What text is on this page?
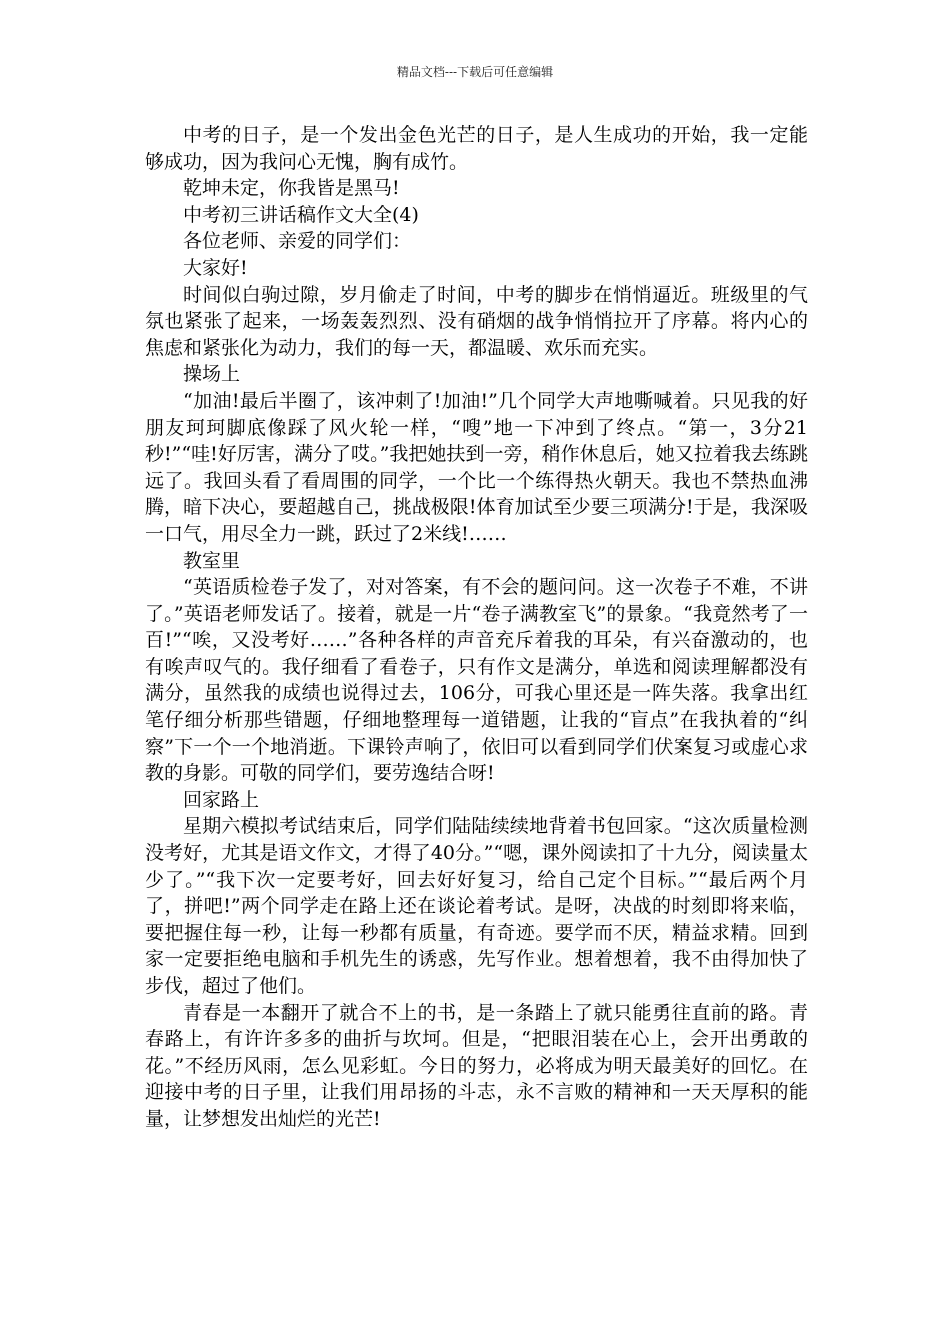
精品文档---下载后可任意编辑

中考的日子，是一个发出金色光芒的日子，是人生成功的开始，我一定能够成功，因为我问心无愧，胸有成竹。

乾坤未定，你我皆是黑马!

中考初三讲话稿作文大全(4)

各位老师、亲爱的同学们：

大家好!

时间似白驹过隙，岁月偷走了时间，中考的脚步在悄悄逼近。班级里的气氛也紧张了起来，一场轰轰烈烈、没有硝烟的战争悄悄拉开了序幕。将内心的焦虑和紧张化为动力，我们的每一天，都温暖、欢乐而充实。

操场上

“加油!最后半圈了，该冲刺了!加油!”几个同学大声地嘶喊着。只见我的好朋友珂珂脚底像踩了风火轮一样，“嗖”地一下冲到了终点。“第一，3分21秒!”“哇!好厉害，满分了哎。”我把她扶到一旁，稍作休息后，她又拉着我去练跳远了。我回头看了看周围的同学，一个比一个练得热火朝天。我也不禁热血沸腾，暗下决心，要超越自己，挑战极限!体育加试至少要三项满分!于是，我深吸一口气，用尽全力一跳，跃过了2米线!……

教室里

“英语质检卷子发了，对对答案，有不会的题问问。这一次卷子不难，不讲了。”英语老师发话了。接着，就是一片“卷子满教室飞”的景象。“我竟然考了一百!”“唉，又没考好……”各种各样的声音充斥着我的耳朵，有兴奋激动的，也有唉声叹气的。我仔细看了看卷子，只有作文是满分，单选和阅读理解都没有满分，虽然我的成绩也说得过去，106分，可我心里还是一阵失落。我拿出红笔仔细分析那些错题，仔细地整理每一道错题，让我的“盲点”在我执着的“纠察”下一个一个地消逝。下课铃声响了，依旧可以看到同学们伏案复习或虚心求教的身影。可敬的同学们，要劳逸结合呀!

回家路上

星期六模拟考试结束后，同学们陆陆续续地背着书包回家。“这次质量检测没考好，尤其是语文作文，才得了40分。”“嗯，课外阅读扣了十九分，阅读量太少了。”“我下次一定要考好，回去好好复习，给自己定个目标。”“最后两个月了，拼吧!”两个同学走在路上还在谈论着考试。是呀，决战的时刻即将来临，要把握住每一秒，让每一秒都有质量，有奇迹。要学而不厌，精益求精。回到家一定要拒绝电脑和手机先生的诱惑，先写作业。想着想着，我不由得加快了步伐，超过了他们。

青春是一本翻开了就合不上的书，是一条踏上了就只能勇往直前的路。青春路上，有许许多多的曲折与坎坷。但是，“把眼泪装在心上，会开出勇敢的花。”不经历风雨，怎么见彩虹。今日的努力，必将成为明天最美好的回忆。在迎接中考的日子里，让我们用昂扬的斗志，永不言败的精神和一天天厚积的能量，让梦想发出灿烂的光芒!
